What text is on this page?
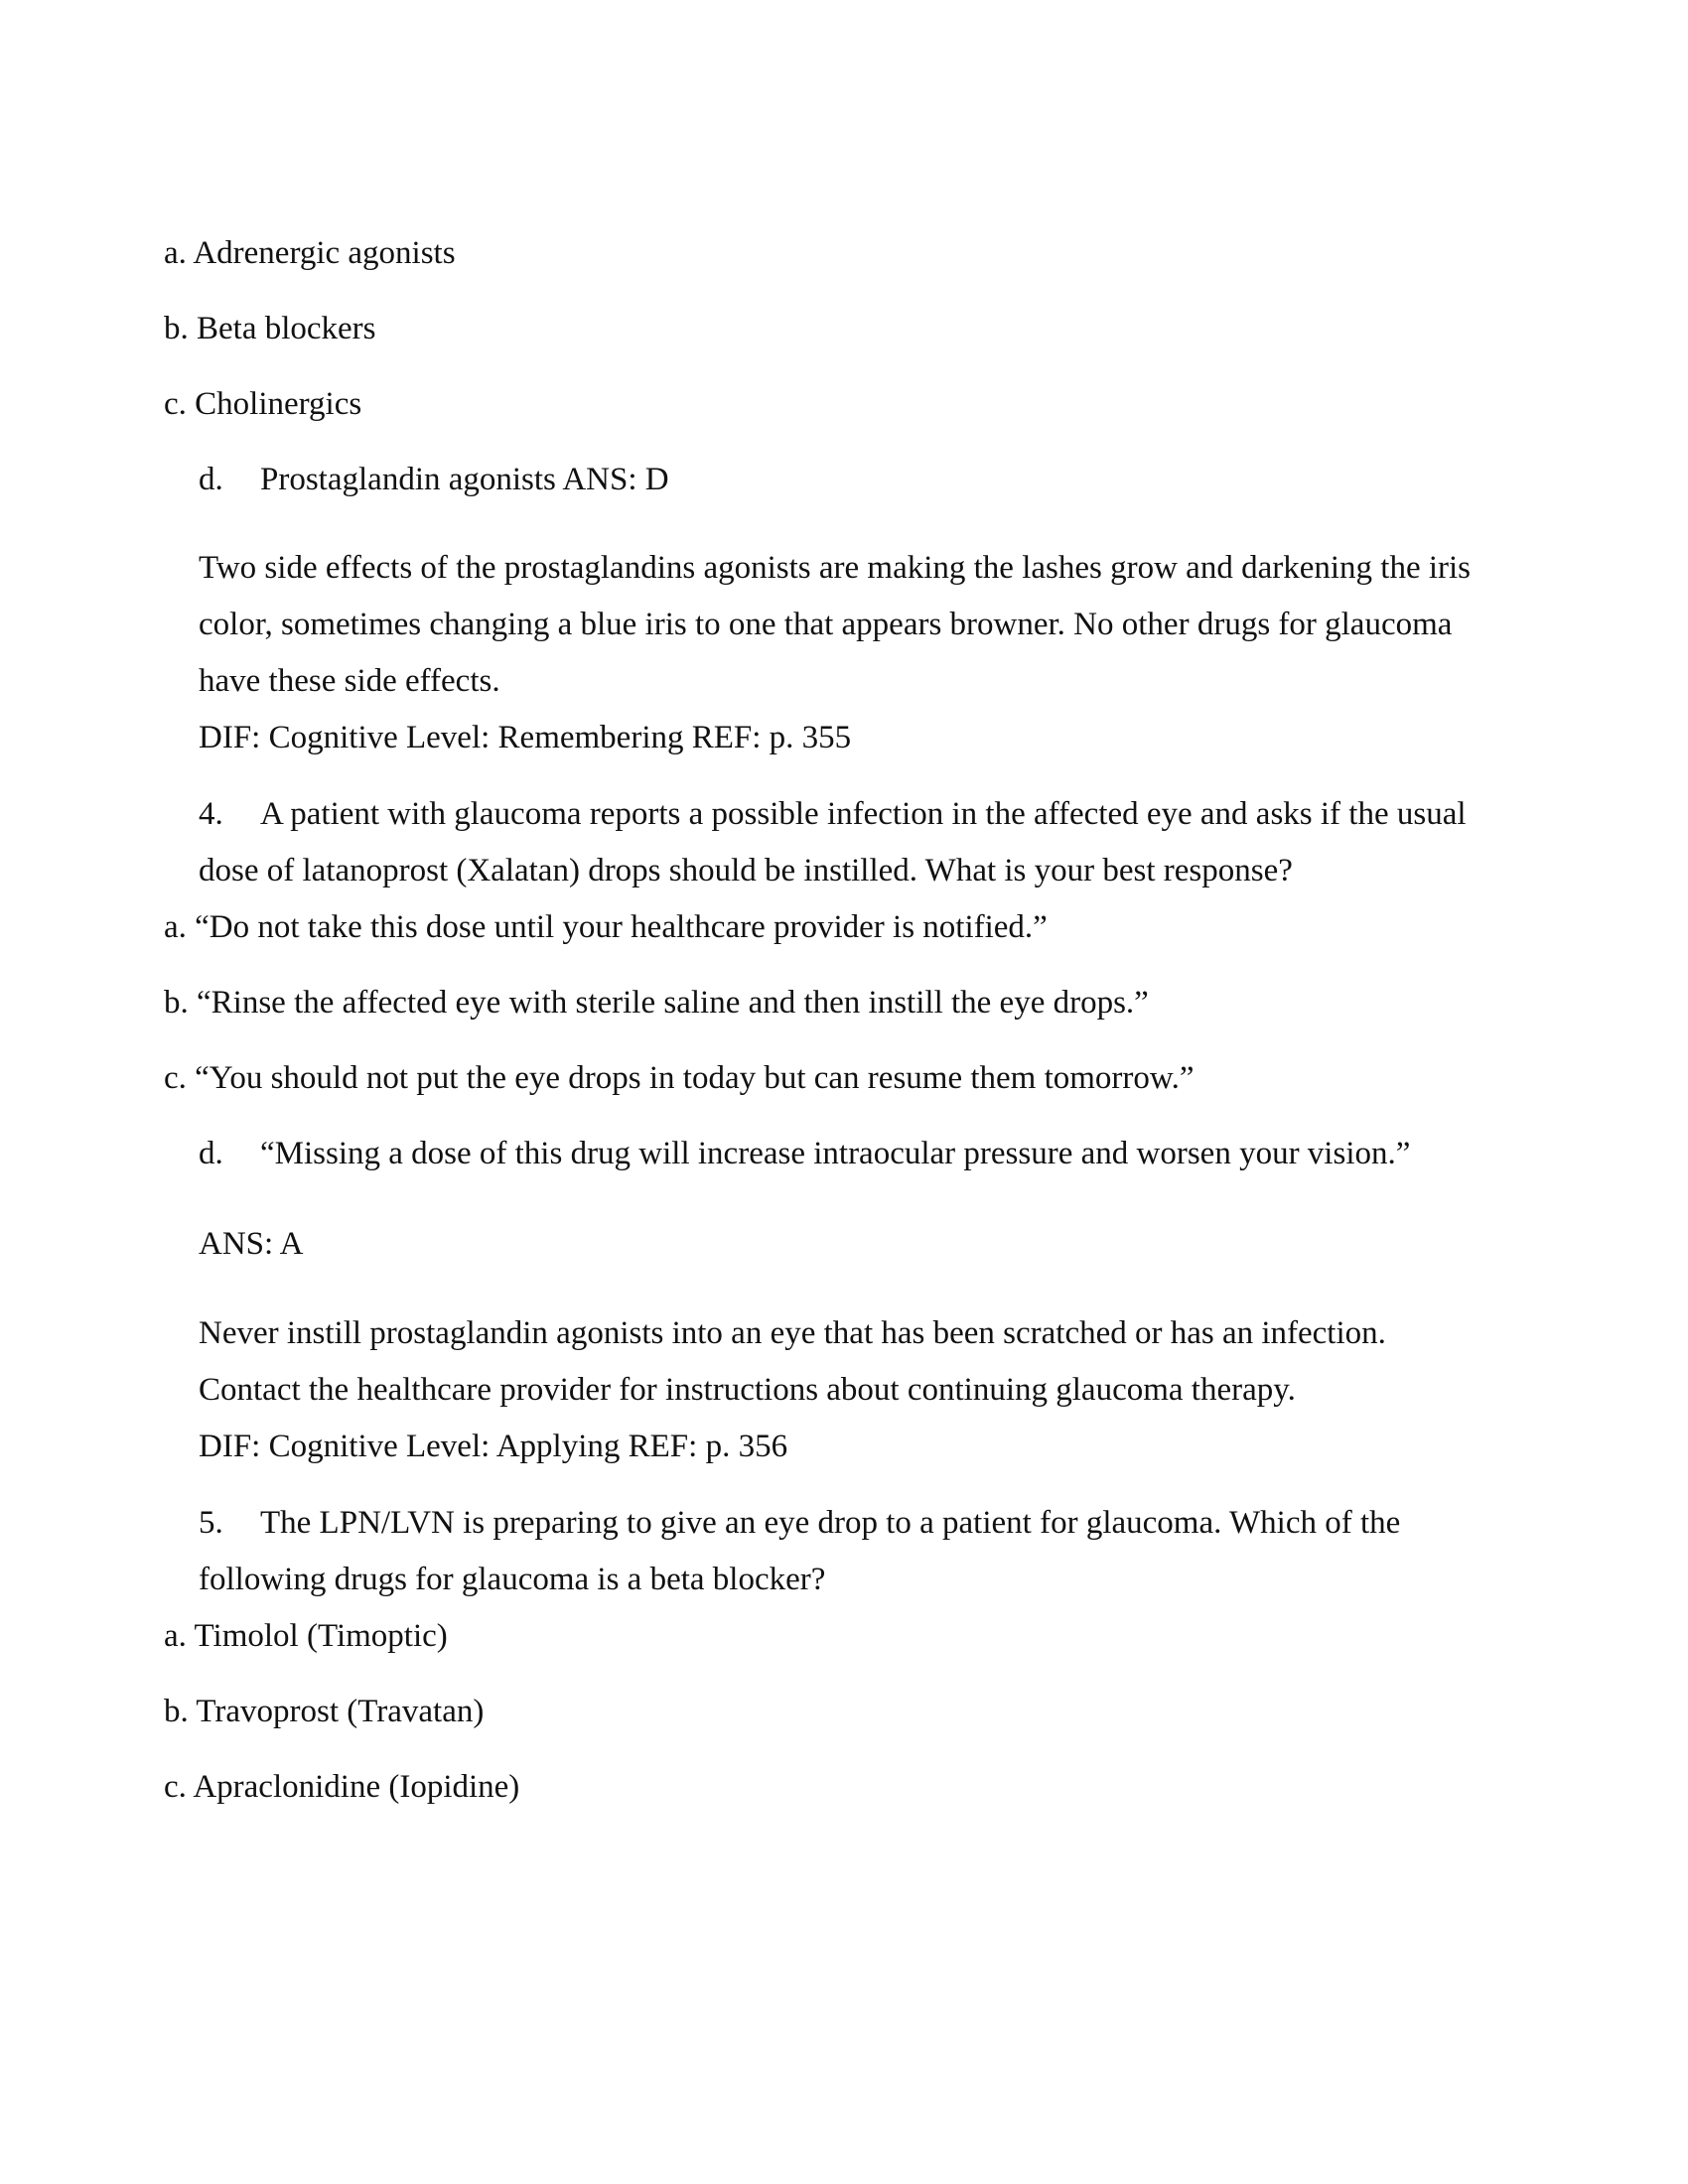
a. Adrenergic agonists

b. Beta blockers

c. Cholinergics

d. Prostaglandin agonists ANS: D

Two side effects of the prostaglandins agonists are making the lashes grow and darkening the iris

color, sometimes changing a blue iris to one that appears browner. No other drugs for glaucoma

have these side effects.

DIF: Cognitive Level: Remembering REF: p. 355

4. A patient with glaucoma reports a possible infection in the affected eye and asks if the usual

dose of latanoprost (Xalatan) drops should be instilled. What is your best response?

a. “Do not take this dose until your healthcare provider is notified.”

b. “Rinse the affected eye with sterile saline and then instill the eye drops.”

c. “You should not put the eye drops in today but can resume them tomorrow.”

d. “Missing a dose of this drug will increase intraocular pressure and worsen your vision.”

ANS: A

Never instill prostaglandin agonists into an eye that has been scratched or has an infection.

Contact the healthcare provider for instructions about continuing glaucoma therapy.

DIF: Cognitive Level: Applying REF: p. 356

5. The LPN/LVN is preparing to give an eye drop to a patient for glaucoma. Which of the

following drugs for glaucoma is a beta blocker?

a. Timolol (Timoptic)

b. Travoprost (Travatan)

c. Apraclonidine (Iopidine)
